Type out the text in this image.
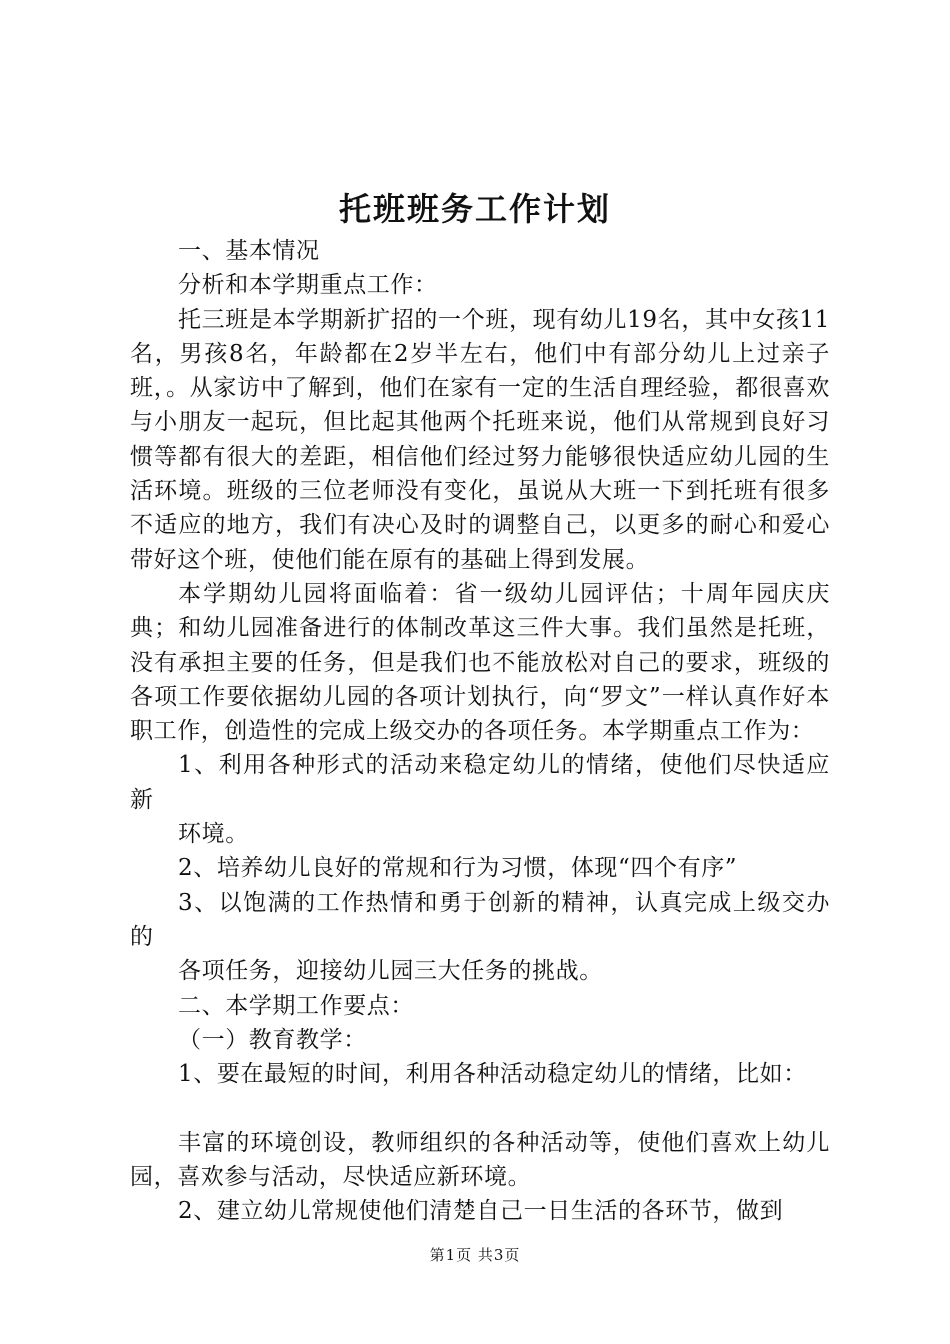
托班班务工作计划

一、基本情况

分析和本学期重点工作：

托三班是本学期新扩招的一个班，现有幼儿19名，其中女孩11名，男孩8名，年龄都在2岁半左右，他们中有部分幼儿上过亲子班，。从家访中了解到，他们在家有一定的生活自理经验，都很喜欢与小朋友一起玩，但比起其他两个托班来说，他们从常规到良好习惯等都有很大的差距，相信他们经过努力能够很快适应幼儿园的生活环境。班级的三位老师没有变化，虽说从大班一下到托班有很多不适应的地方，我们有决心及时的调整自己，以更多的耐心和爱心带好这个班，使他们能在原有的基础上得到发展。

本学期幼儿园将面临着：省一级幼儿园评估；十周年园庆庆典；和幼儿园准备进行的体制改革这三件大事。我们虽然是托班，没有承担主要的任务，但是我们也不能放松对自己的要求，班级的各项工作要依据幼儿园的各项计划执行，向“罗文”一样认真作好本职工作，创造性的完成上级交办的各项任务。本学期重点工作为：

1、利用各种形式的活动来稳定幼儿的情绪，使他们尽快适应新

环境。

2、培养幼儿良好的常规和行为习惯，体现“四个有序”

3、以饱满的工作热情和勇于创新的精神，认真完成上级交办的

各项任务，迎接幼儿园三大任务的挑战。

二、本学期工作要点：

（一）教育教学：

1、要在最短的时间，利用各种活动稳定幼儿的情绪，比如：

丰富的环境创设，教师组织的各种活动等，使他们喜欢上幼儿园，喜欢参与活动，尽快适应新环境。

2、建立幼儿常规使他们清楚自己一日生活的各环节，做到

第1页 共3页
